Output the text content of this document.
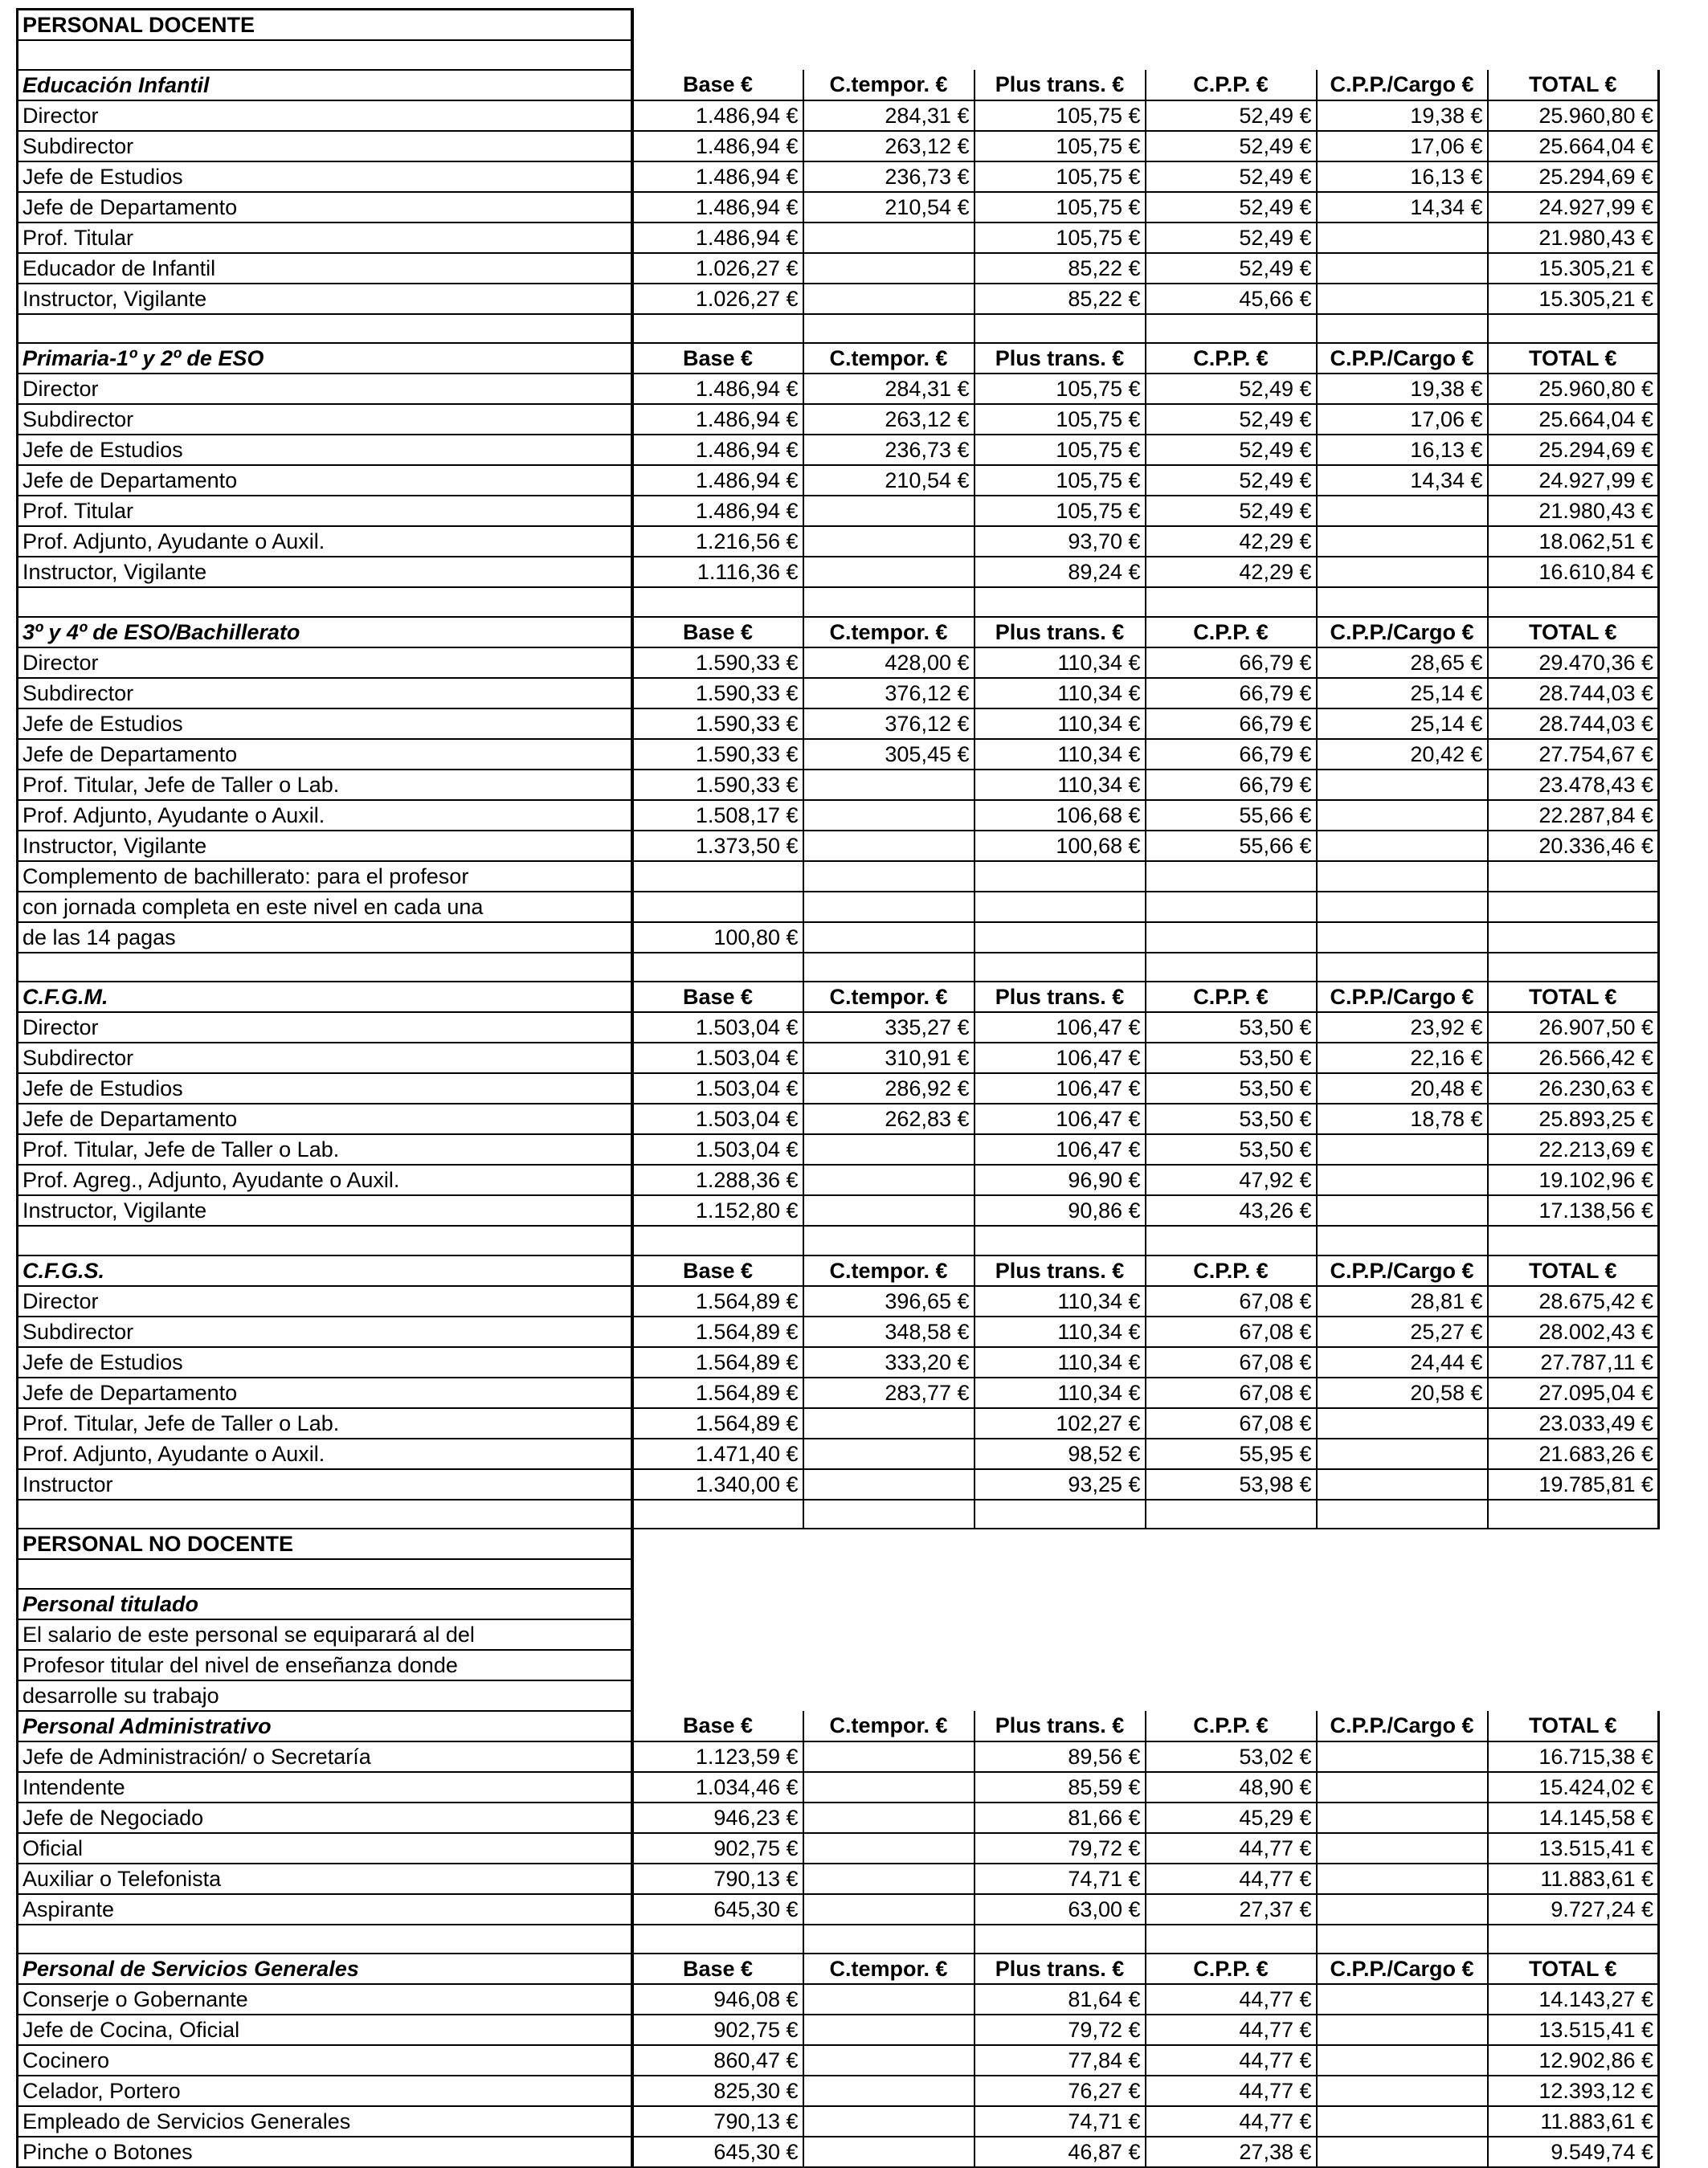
PERSONAL DOCENTE						

Educación Infantil	Base €	C.tempor. €	Plus trans. €	C.P.P. €	C.P.P./Cargo €	TOTAL €
Director	1.486,94 €	284,31 €	105,75 €	52,49 €	19,38 €	25.960,80 €
Subdirector	1.486,94 €	263,12 €	105,75 €	52,49 €	17,06 €	25.664,04 €
Jefe de Estudios	1.486,94 €	236,73 €	105,75 €	52,49 €	16,13 €	25.294,69 €
Jefe de Departamento	1.486,94 €	210,54 €	105,75 €	52,49 €	14,34 €	24.927,99 €
Prof. Titular	1.486,94 €		105,75 €	52,49 €		21.980,43 €
Educador de Infantil	1.026,27 €		85,22 €	52,49 €		15.305,21 €
Instructor, Vigilante	1.026,27 €		85,22 €	45,66 €		15.305,21 €

Primaria-1º y 2º de ESO	Base €	C.tempor. €	Plus trans. €	C.P.P. €	C.P.P./Cargo €	TOTAL €
Director	1.486,94 €	284,31 €	105,75 €	52,49 €	19,38 €	25.960,80 €
Subdirector	1.486,94 €	263,12 €	105,75 €	52,49 €	17,06 €	25.664,04 €
Jefe de Estudios	1.486,94 €	236,73 €	105,75 €	52,49 €	16,13 €	25.294,69 €
Jefe de Departamento	1.486,94 €	210,54 €	105,75 €	52,49 €	14,34 €	24.927,99 €
Prof. Titular	1.486,94 €		105,75 €	52,49 €		21.980,43 €
Prof. Adjunto, Ayudante o Auxil.	1.216,56 €		93,70 €	42,29 €		18.062,51 €
Instructor, Vigilante	1.116,36 €		89,24 €	42,29 €		16.610,84 €

3º y 4º de ESO/Bachillerato	Base €	C.tempor. €	Plus trans. €	C.P.P. €	C.P.P./Cargo €	TOTAL €
Director	1.590,33 €	428,00 €	110,34 €	66,79 €	28,65 €	29.470,36 €
Subdirector	1.590,33 €	376,12 €	110,34 €	66,79 €	25,14 €	28.744,03 €
Jefe de Estudios	1.590,33 €	376,12 €	110,34 €	66,79 €	25,14 €	28.744,03 €
Jefe de Departamento	1.590,33 €	305,45 €	110,34 €	66,79 €	20,42 €	27.754,67 €
Prof. Titular, Jefe de Taller o Lab.	1.590,33 €		110,34 €	66,79 €		23.478,43 €
Prof. Adjunto, Ayudante o Auxil.	1.508,17 €		106,68 €	55,66 €		22.287,84 €
Instructor, Vigilante	1.373,50 €		100,68 €	55,66 €		20.336,46 €
Complemento de bachillerato: para el profesor						
con jornada completa en este nivel en cada una						
de las 14 pagas	100,80 €					

C.F.G.M.	Base €	C.tempor. €	Plus trans. €	C.P.P. €	C.P.P./Cargo €	TOTAL €
Director	1.503,04 €	335,27 €	106,47 €	53,50 €	23,92 €	26.907,50 €
Subdirector	1.503,04 €	310,91 €	106,47 €	53,50 €	22,16 €	26.566,42 €
Jefe de Estudios	1.503,04 €	286,92 €	106,47 €	53,50 €	20,48 €	26.230,63 €
Jefe de Departamento	1.503,04 €	262,83 €	106,47 €	53,50 €	18,78 €	25.893,25 €
Prof. Titular, Jefe de Taller o Lab.	1.503,04 €		106,47 €	53,50 €		22.213,69 €
Prof. Agreg., Adjunto, Ayudante o Auxil.	1.288,36 €		96,90 €	47,92 €		19.102,96 €
Instructor, Vigilante	1.152,80 €		90,86 €	43,26 €		17.138,56 €

C.F.G.S.	Base €	C.tempor. €	Plus trans. €	C.P.P. €	C.P.P./Cargo €	TOTAL €
Director	1.564,89 €	396,65 €	110,34 €	67,08 €	28,81 €	28.675,42 €
Subdirector	1.564,89 €	348,58 €	110,34 €	67,08 €	25,27 €	28.002,43 €
Jefe de Estudios	1.564,89 €	333,20 €	110,34 €	67,08 €	24,44 €	27.787,11 €
Jefe de Departamento	1.564,89 €	283,77 €	110,34 €	67,08 €	20,58 €	27.095,04 €
Prof. Titular, Jefe de Taller o Lab.	1.564,89 €		102,27 €	67,08 €		23.033,49 €
Prof. Adjunto, Ayudante o Auxil.	1.471,40 €		98,52 €	55,95 €		21.683,26 €
Instructor	1.340,00 €		93,25 €	53,98 €		19.785,81 €

PERSONAL NO DOCENTE						

Personal titulado						
El salario de este personal se equiparará al del						
Profesor titular del nivel de enseñanza donde						
desarrolle su trabajo						
Personal Administrativo	Base €	C.tempor. €	Plus trans. €	C.P.P. €	C.P.P./Cargo €	TOTAL €
Jefe de Administración/ o Secretaría	1.123,59 €		89,56 €	53,02 €		16.715,38 €
Intendente	1.034,46 €		85,59 €	48,90 €		15.424,02 €
Jefe de Negociado	946,23 €		81,66 €	45,29 €		14.145,58 €
Oficial	902,75 €		79,72 €	44,77 €		13.515,41 €
Auxiliar o Telefonista	790,13 €		74,71 €	44,77 €		11.883,61 €
Aspirante	645,30 €		63,00 €	27,37 €		9.727,24 €

Personal de Servicios Generales	Base €	C.tempor. €	Plus trans. €	C.P.P. €	C.P.P./Cargo €	TOTAL €
Conserje o Gobernante	946,08 €		81,64 €	44,77 €		14.143,27 €
Jefe de Cocina, Oficial	902,75 €		79,72 €	44,77 €		13.515,41 €
Cocinero	860,47 €		77,84 €	44,77 €		12.902,86 €
Celador, Portero	825,30 €		76,27 €	44,77 €		12.393,12 €
Empleado de Servicios Generales	790,13 €		74,71 €	44,77 €		11.883,61 €
Pinche o Botones	645,30 €		46,87 €	27,38 €		9.549,74 €
